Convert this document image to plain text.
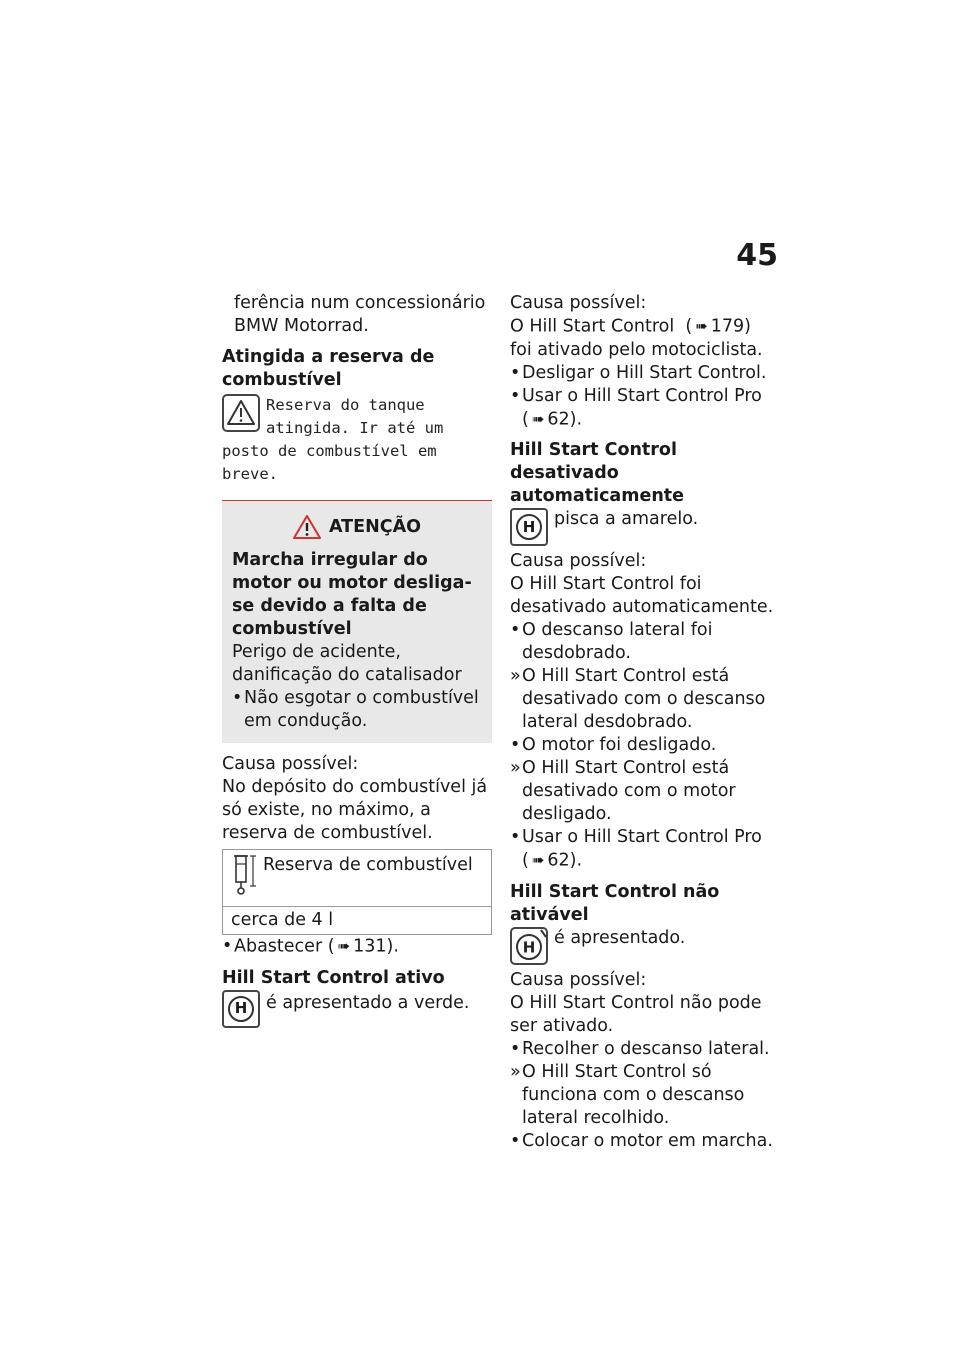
45

ferência num concessionário

BMW Motorrad.

Atingida a reserva de combustível
Reserva do tanque
atingida. Ir até um
posto de combustível em
breve.
ATENÇÃO

Marcha irregular do motor ou motor desliga-se devido a falta de combustível

Perigo de acidente, danificação do catalisador

• Não esgotar o combustível em condução.

Causa possível:

No depósito do combustível já só existe, no máximo, a reserva de combustível.

Reserva de combustível
cerca de 4 l
• Abastecer ( ➠ 131).
Hill Start Control ativo
H	é apresentado a verde.

Causa possível:

O Hill Start Control  ( ➠ 179)

foi ativado pelo motociclista.

• Desligar o Hill Start Control.
• Usar o Hill Start Control Pro
( ➠ 62).
Hill Start Control desativado automaticamente
H	pisca a amarelo.

Causa possível:

O Hill Start Control foi desativado automaticamente.

• O descanso lateral foi desdobrado.
» O Hill Start Control está desativado com o descanso lateral desdobrado.
• O motor foi desligado.
» O Hill Start Control está desativado com o motor desligado.
• Usar o Hill Start Control Pro
( ➠ 62).
Hill Start Control não ativável
H é apresentado.

Causa possível:

O Hill Start Control não pode ser ativado.

• Recolher o descanso lateral.
» O Hill Start Control só funciona com o descanso lateral recolhido.
• Colocar o motor em marcha.
